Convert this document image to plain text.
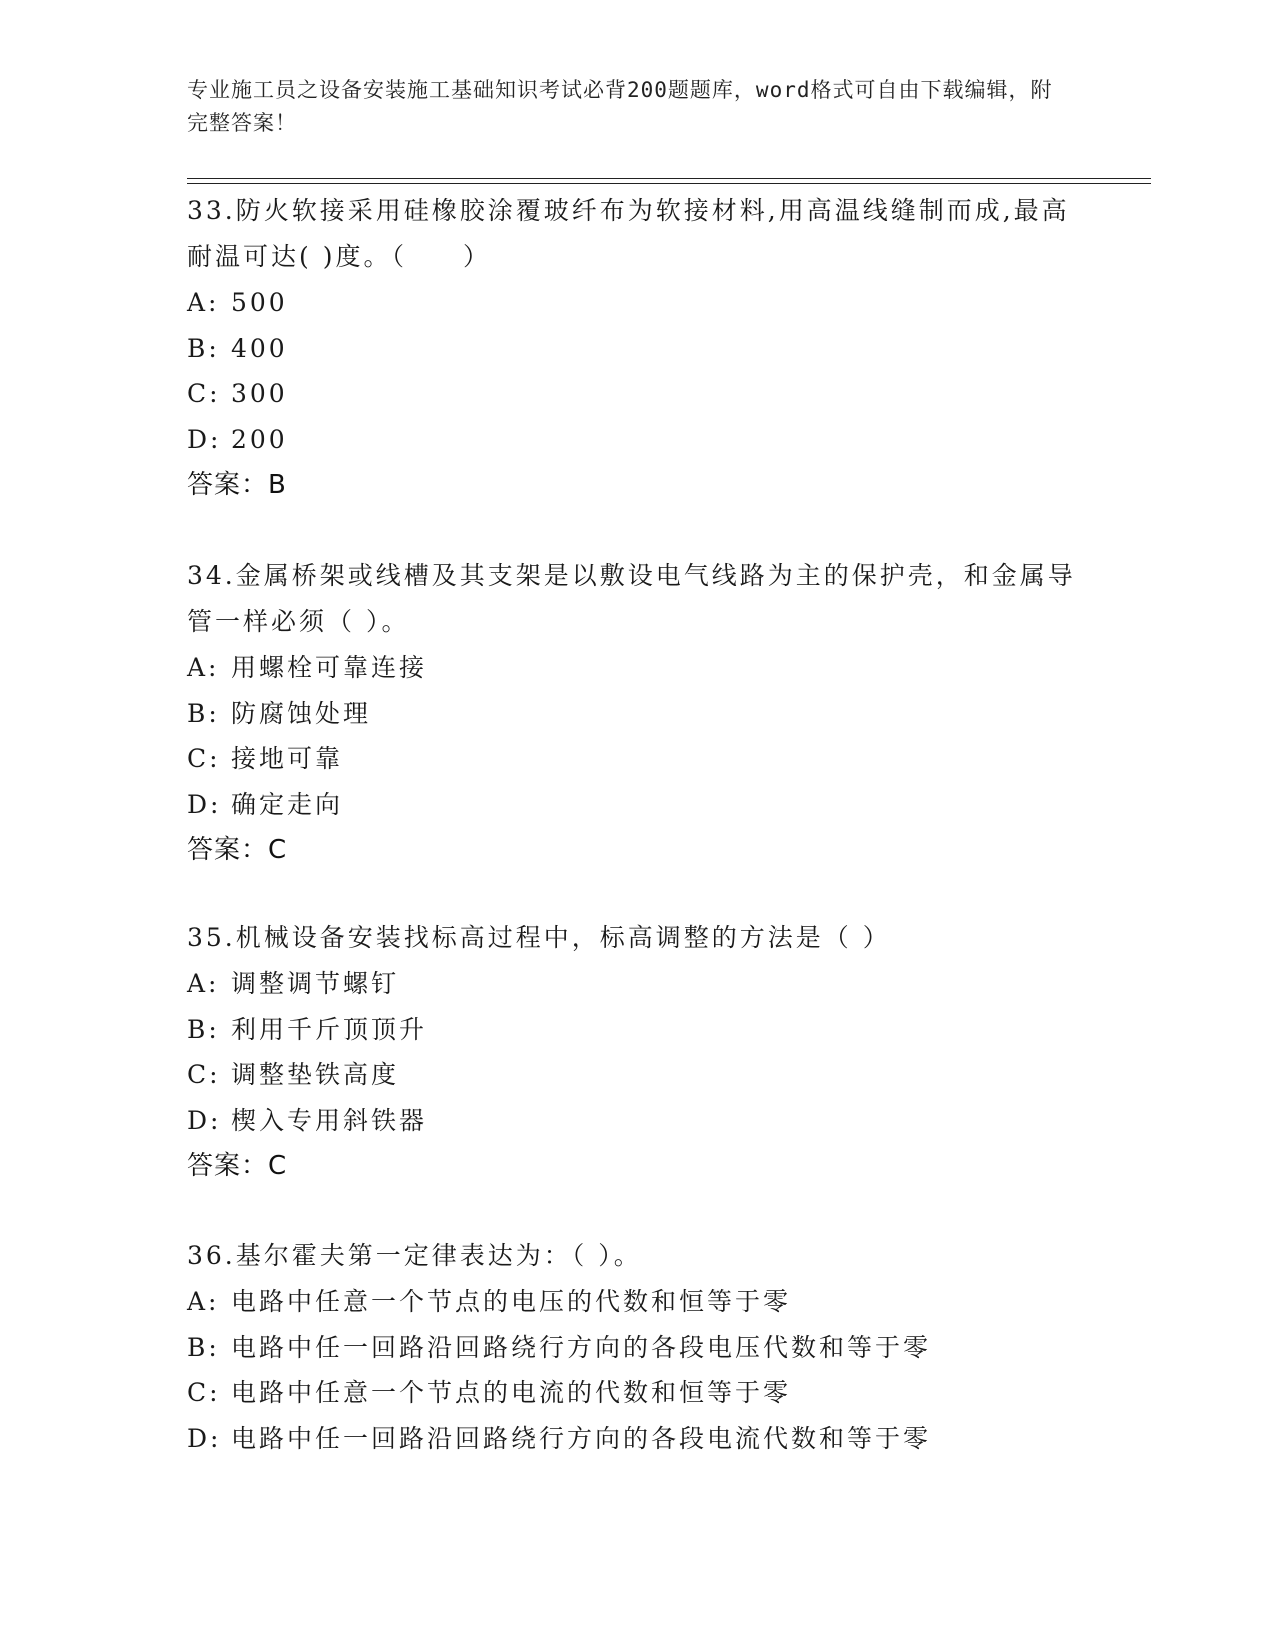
专业施工员之设备安装施工基础知识考试必背200题题库，word格式可自由下载编辑，附完整答案！

33.防火软接采用硅橡胶涂覆玻纤布为软接材料,用高温线缝制而成,最高耐温可达( )度。（　　）

A: 500
B: 400
C: 300
D: 200
答案：B

34.金属桥架或线槽及其支架是以敷设电气线路为主的保护壳，和金属导管一样必须（ ）。

A: 用螺栓可靠连接
B: 防腐蚀处理
C: 接地可靠
D: 确定走向
答案：C

35.机械设备安装找标高过程中，标高调整的方法是（ ）

A: 调整调节螺钉
B: 利用千斤顶顶升
C: 调整垫铁高度
D: 楔入专用斜铁器
答案：C

36.基尔霍夫第一定律表达为：（ ）。

A: 电路中任意一个节点的电压的代数和恒等于零
B: 电路中任一回路沿回路绕行方向的各段电压代数和等于零
C: 电路中任意一个节点的电流的代数和恒等于零
D: 电路中任一回路沿回路绕行方向的各段电流代数和等于零
